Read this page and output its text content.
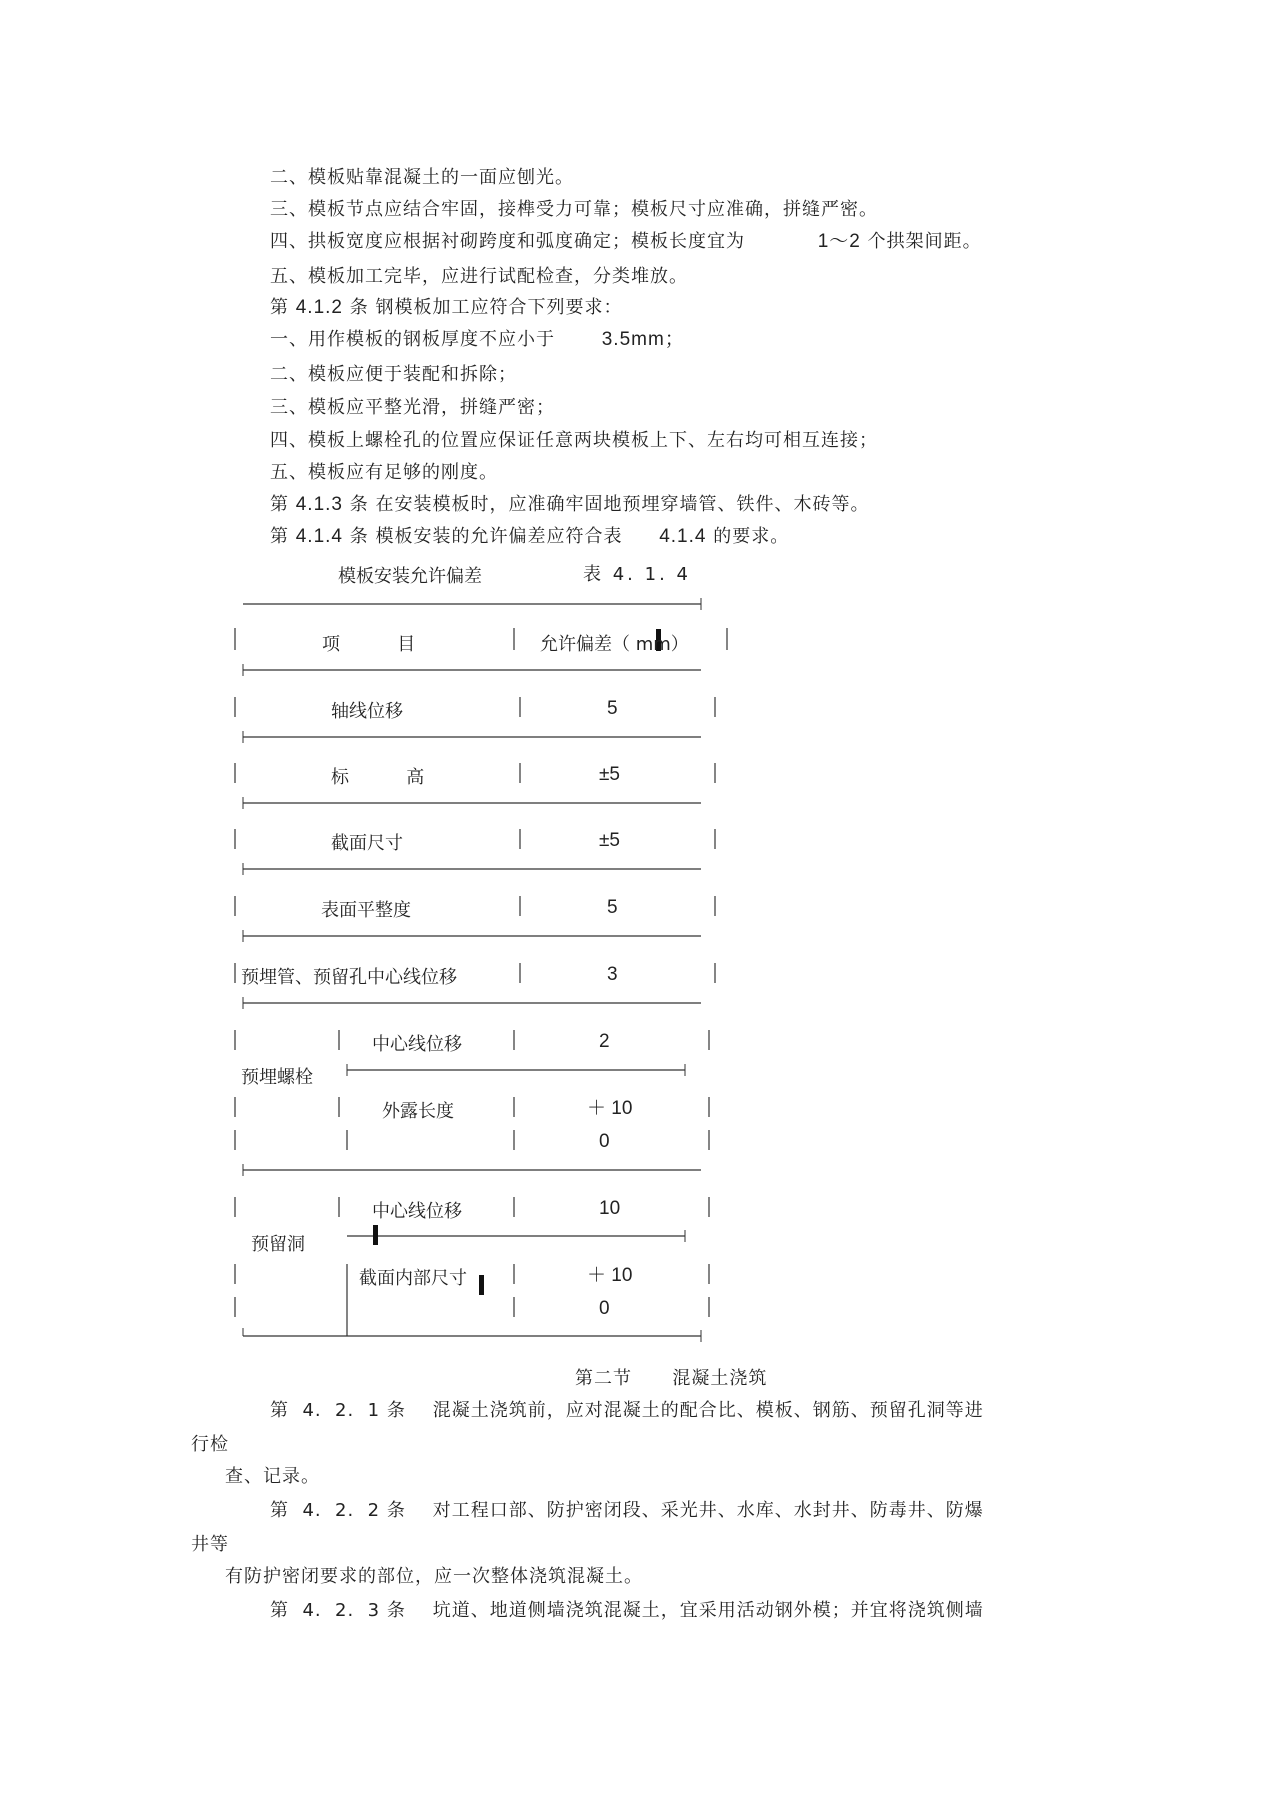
二、模板贴靠混凝土的一面应刨光。
三、模板节点应结合牢固，接榫受力可靠；模板尺寸应准确，拼缝严密。
四、拱板宽度应根据衬砌跨度和弧度确定；模板长度宜为	1～2 个拱架间距。
五、模板加工完毕，应进行试配检查，分类堆放。
第 4.1.2 条 钢模板加工应符合下列要求：
一、用作模板的钢板厚度不应小于 3.5mm；
二、模板应便于装配和拆除；
三、模板应平整光滑，拼缝严密；
四、模板上螺栓孔的位置应保证任意两块模板上下、左右均可相互连接；
五、模板应有足够的刚度。
第 4.1.3 条 在安装模板时，应准确牢固地预埋穿墙管、铁件、木砖等。
第 4.1.4 条 模板安装的允许偏差应符合表 4.1.4 的要求。
模板安装允许偏差	表 4. 1. 4
项          目	允许偏差（ mm）
轴线位移	5
标          高	±5
截面尺寸	±5
表面平整度	5
预埋管、预留孔中心线位移	3
预埋螺栓
中心线位移	2
外露长度	＋ 10
0
预留洞
中心线位移	10
截面内部尺寸	＋ 10
0
第二节      混凝土浇筑
第  4.  2.  1 条    混凝土浇筑前，应对混凝土的配合比、模板、钢筋、预留孔洞等进
行检
查、记录。
第  4.  2.  2 条    对工程口部、防护密闭段、采光井、水库、水封井、防毒井、防爆
井等
有防护密闭要求的部位，应一次整体浇筑混凝土。
第  4.  2.  3 条    坑道、地道侧墙浇筑混凝土，宜采用活动钢外模；并宜将浇筑侧墙
